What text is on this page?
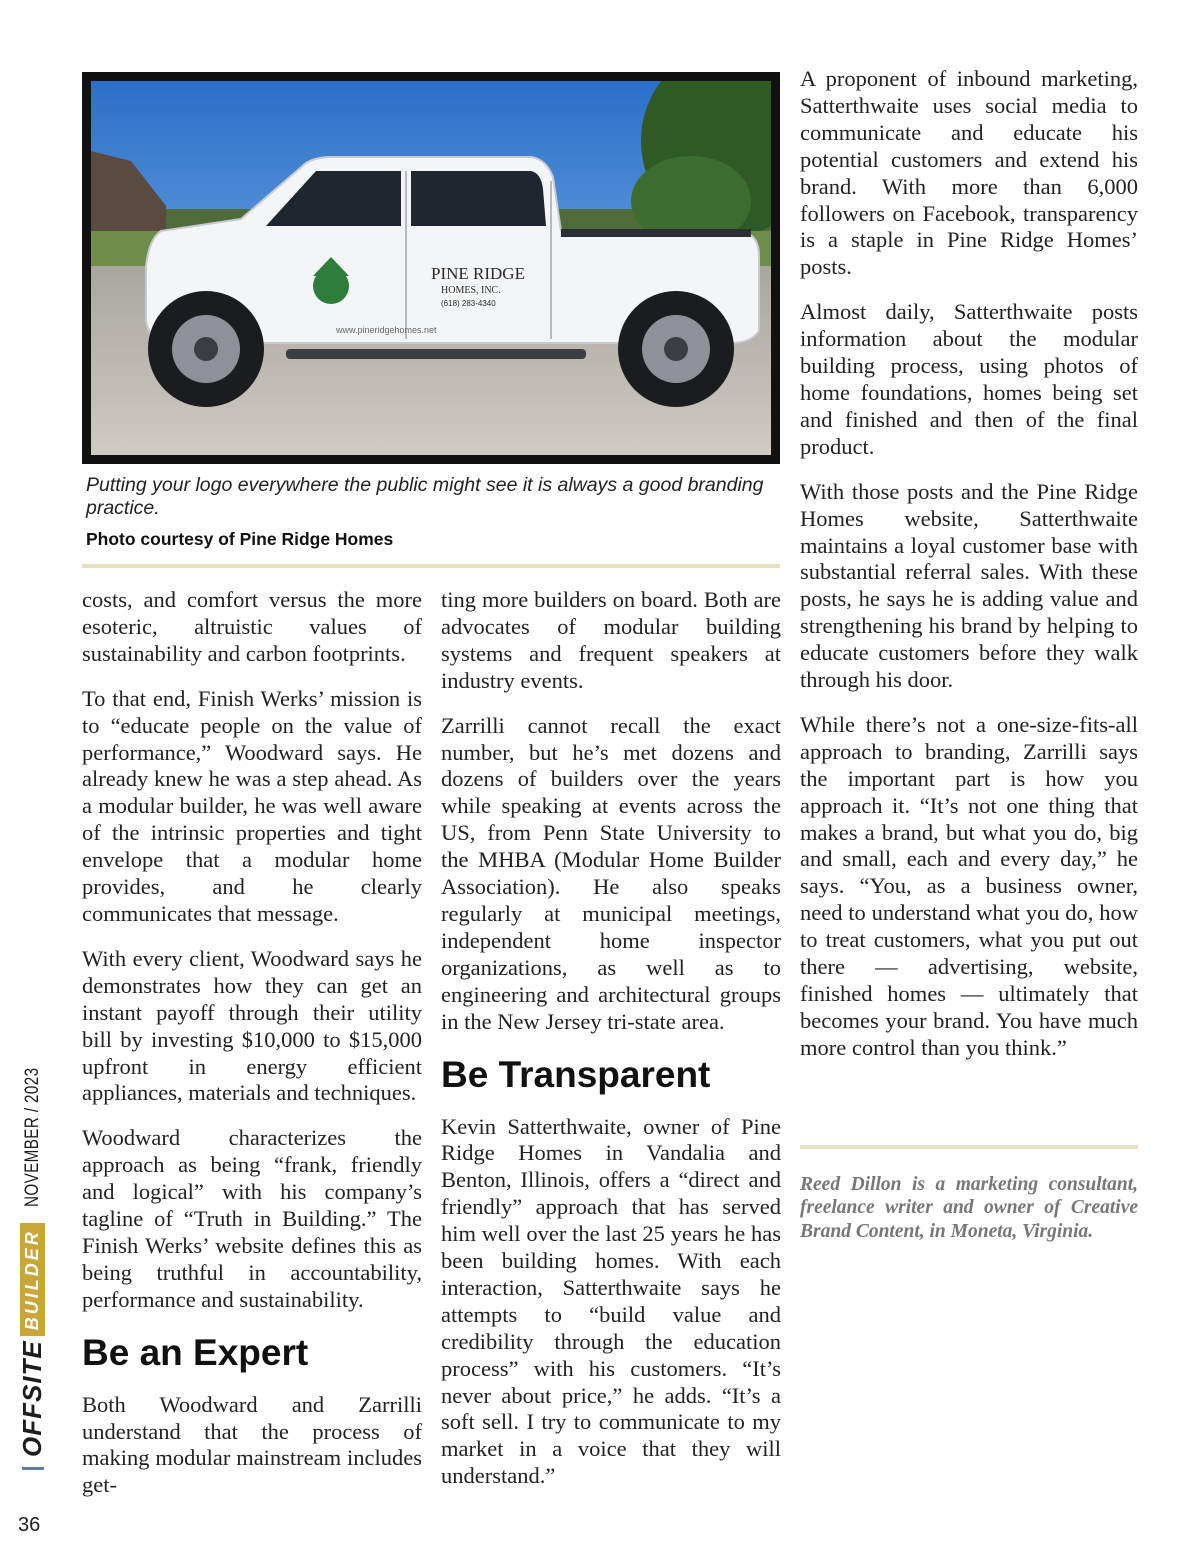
PINE RIDGE
HOMES, INC.
(618) 283-4340
www.pineridgehomes.net
Putting your logo everywhere the public might see it is always a good branding practice.
Photo courtesy of Pine Ridge Homes

costs, and comfort versus the more esoteric, altruistic values of sustainability and carbon footprints.

To that end, Finish Werks’ mission is to “educate people on the value of performance,” Woodward says. He already knew he was a step ahead. As a modular builder, he was well aware of the intrinsic properties and tight envelope that a modular home provides, and he clearly communicates that message.

With every client, Woodward says he demonstrates how they can get an instant payoff through their utility bill by investing $10,000 to $15,000 upfront in energy efficient appliances, materials and techniques.

Woodward characterizes the approach as being “frank, friendly and logical” with his company’s tagline of “Truth in Building.” The Finish Werks’ website defines this as being truthful in accountability, performance and sustainability.

Be an Expert

Both Woodward and Zarrilli understand that the process of making modular mainstream includes get-

ting more builders on board. Both are advocates of modular building systems and frequent speakers at industry events.

Zarrilli cannot recall the exact number, but he’s met dozens and dozens of builders over the years while speaking at events across the US, from Penn State University to the MHBA (Modular Home Builder Association). He also speaks regularly at municipal meetings, independent home inspector organizations, as well as to engineering and architectural groups in the New Jersey tri-state area.

Be Transparent

Kevin Satterthwaite, owner of Pine Ridge Homes in Vandalia and Benton, Illinois, offers a “direct and friendly” approach that has served him well over the last 25 years he has been building homes. With each interaction, Satterthwaite says he attempts to “build value and credibility through the education process” with his customers. “It’s never about price,” he adds. “It’s a soft sell. I try to communicate to my market in a voice that they will understand.”

A proponent of inbound marketing, Satterthwaite uses social media to communicate and educate his potential customers and extend his brand. With more than 6,000 followers on Facebook, transparency is a staple in Pine Ridge Homes’ posts.

Almost daily, Satterthwaite posts information about the modular building process, using photos of home foundations, homes being set and finished and then of the final product.

With those posts and the Pine Ridge Homes website, Satterthwaite maintains a loyal customer base with substantial referral sales. With these posts, he says he is adding value and strengthening his brand by helping to educate customers before they walk through his door.

While there’s not a one-size-fits-all approach to branding, Zarrilli says the important part is how you approach it. “It’s not one thing that makes a brand, but what you do, big and small, each and every day,” he says. “You, as a business owner, need to understand what you do, how to treat customers, what you put out there — advertising, website, finished homes — ultimately that becomes your brand. You have much more control than you think.”

Reed Dillon is a marketing consultant, freelance writer and owner of Creative Brand Content, in Moneta, Virginia.
OFFSITEBUILDERNOVEMBER / 2023
36
